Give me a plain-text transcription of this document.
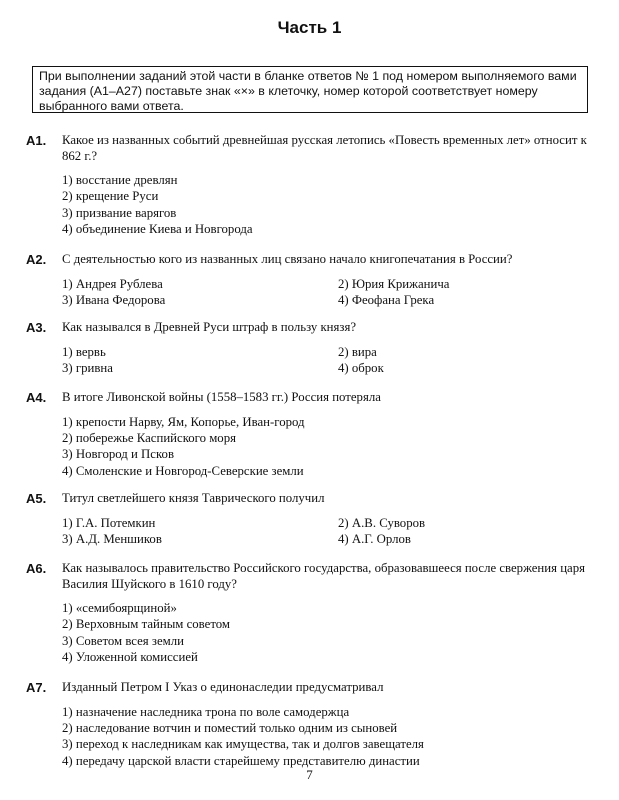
Часть 1
При выполнении заданий этой части в бланке ответов № 1 под номером выполняемого вами задания (А1–А27) поставьте знак «×» в клеточку, номер которой соответствует номеру выбранного вами ответа.
А1. Какое из названных событий древнейшая русская летопись «Повесть временных лет» относит к 862 г.?
1) восстание древлян
2) крещение Руси
3) призвание варягов
4) объединение Киева и Новгорода
А2. С деятельностью кого из названных лиц связано начало книгопечатания в России?
1) Андрея Рублева	2) Юрия Крижанича
3) Ивана Федорова	4) Феофана Грека
А3. Как назывался в Древней Руси штраф в пользу князя?
1) вервь	2) вира
3) гривна	4) оброк
А4. В итоге Ливонской войны (1558–1583 гг.) Россия потеряла
1) крепости Нарву, Ям, Копорье, Иван-город
2) побережье Каспийского моря
3) Новгород и Псков
4) Смоленские и Новгород-Северские земли
А5. Титул светлейшего князя Таврического получил
1) Г.А. Потемкин	2) А.В. Суворов
3) А.Д. Меншиков	4) А.Г. Орлов
А6. Как называлось правительство Российского государства, образовавшееся после свержения царя Василия Шуйского в 1610 году?
1) «семибоярщиной»
2) Верховным тайным советом
3) Советом всея земли
4) Уложенной комиссией
А7. Изданный Петром I Указ о единонаследии предусматривал
1) назначение наследника трона по воле самодержца
2) наследование вотчин и поместий только одним из сыновей
3) переход к наследникам как имущества, так и долгов завещателя
4) передачу царской власти старейшему представителю династии
7
